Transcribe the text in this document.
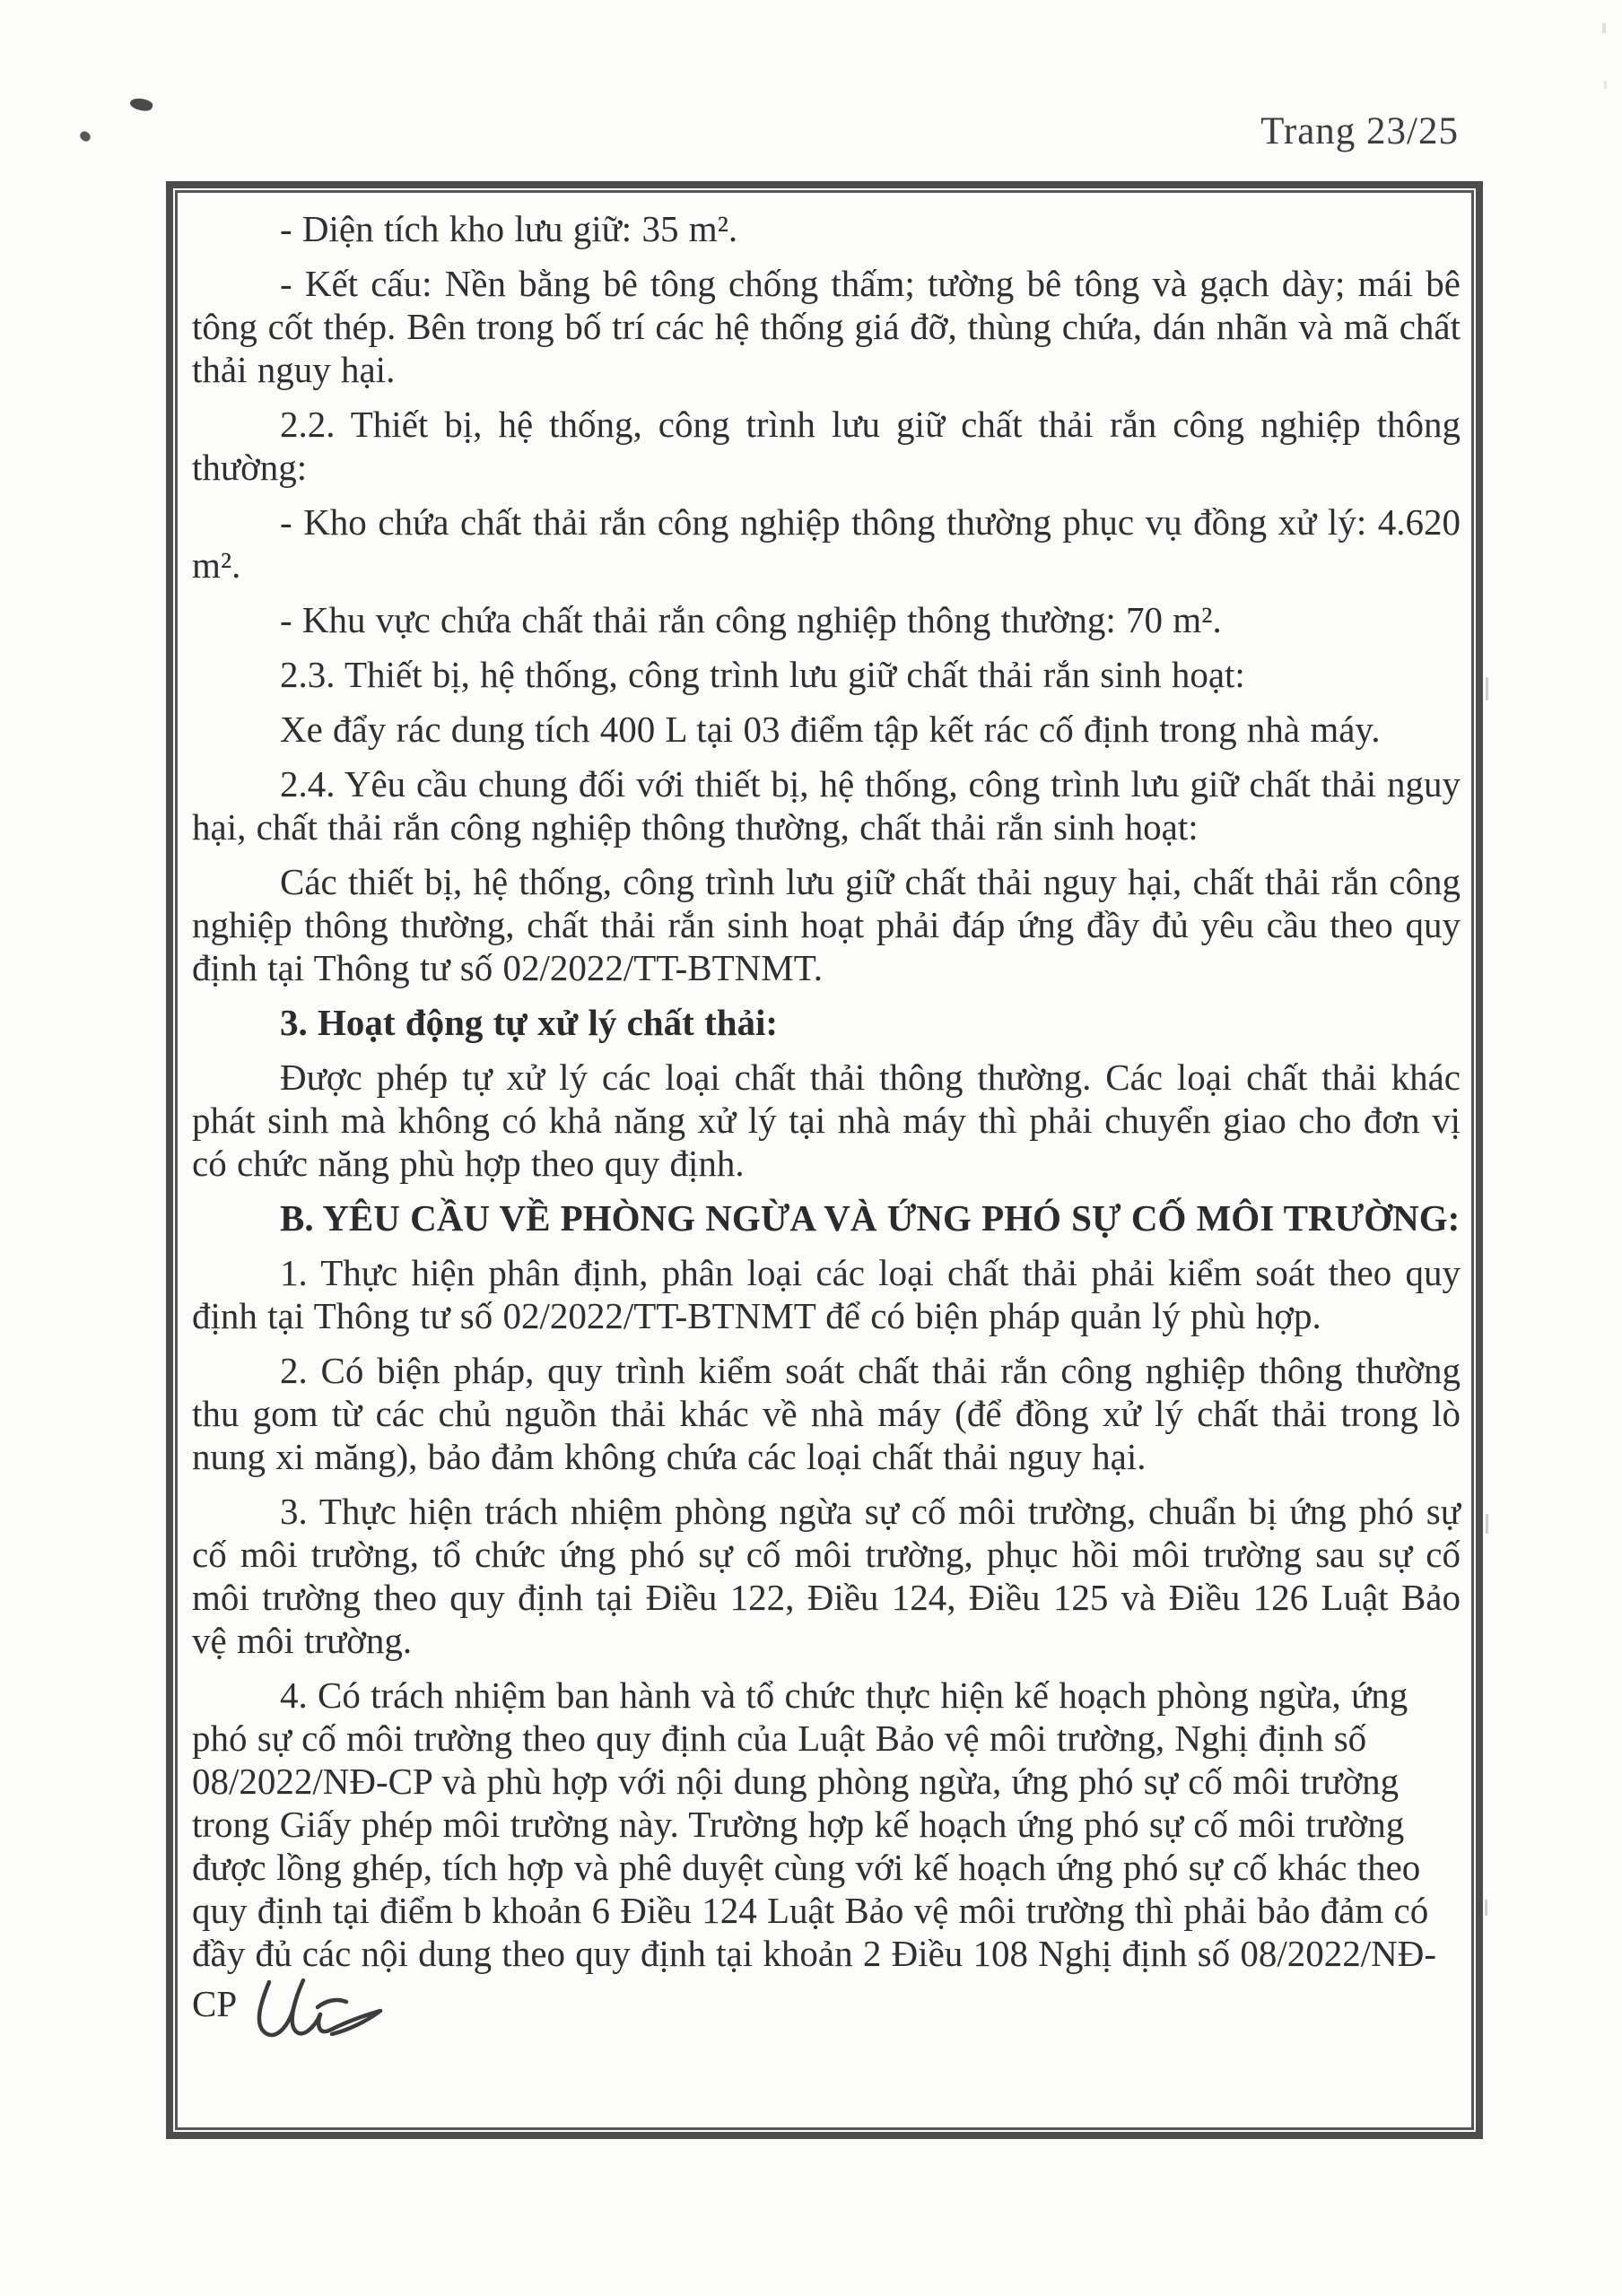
Trang 23/25

- Diện tích kho lưu giữ: 35 m².

- Kết cấu: Nền bằng bê tông chống thấm; tường bê tông và gạch dày; mái bê tông cốt thép. Bên trong bố trí các hệ thống giá đỡ, thùng chứa, dán nhãn và mã chất thải nguy hại.

2.2. Thiết bị, hệ thống, công trình lưu giữ chất thải rắn công nghiệp thông thường:

- Kho chứa chất thải rắn công nghiệp thông thường phục vụ đồng xử lý: 4.620 m².

- Khu vực chứa chất thải rắn công nghiệp thông thường: 70 m².

2.3. Thiết bị, hệ thống, công trình lưu giữ chất thải rắn sinh hoạt:

Xe đẩy rác dung tích 400 L tại 03 điểm tập kết rác cố định trong nhà máy.

2.4. Yêu cầu chung đối với thiết bị, hệ thống, công trình lưu giữ chất thải nguy hại, chất thải rắn công nghiệp thông thường, chất thải rắn sinh hoạt:

Các thiết bị, hệ thống, công trình lưu giữ chất thải nguy hại, chất thải rắn công nghiệp thông thường, chất thải rắn sinh hoạt phải đáp ứng đầy đủ yêu cầu theo quy định tại Thông tư số 02/2022/TT-BTNMT.

3. Hoạt động tự xử lý chất thải:

Được phép tự xử lý các loại chất thải thông thường. Các loại chất thải khác phát sinh mà không có khả năng xử lý tại nhà máy thì phải chuyển giao cho đơn vị có chức năng phù hợp theo quy định.

B. YÊU CẦU VỀ PHÒNG NGỪA VÀ ỨNG PHÓ SỰ CỐ MÔI TRƯỜNG:

1. Thực hiện phân định, phân loại các loại chất thải phải kiểm soát theo quy định tại Thông tư số 02/2022/TT-BTNMT để có biện pháp quản lý phù hợp.

2. Có biện pháp, quy trình kiểm soát chất thải rắn công nghiệp thông thường thu gom từ các chủ nguồn thải khác về nhà máy (để đồng xử lý chất thải trong lò nung xi măng), bảo đảm không chứa các loại chất thải nguy hại.

3. Thực hiện trách nhiệm phòng ngừa sự cố môi trường, chuẩn bị ứng phó sự cố môi trường, tổ chức ứng phó sự cố môi trường, phục hồi môi trường sau sự cố môi trường theo quy định tại Điều 122, Điều 124, Điều 125 và Điều 126 Luật Bảo vệ môi trường.

4. Có trách nhiệm ban hành và tổ chức thực hiện kế hoạch phòng ngừa, ứng phó sự cố môi trường theo quy định của Luật Bảo vệ môi trường, Nghị định số 08/2022/NĐ-CP và phù hợp với nội dung phòng ngừa, ứng phó sự cố môi trường trong Giấy phép môi trường này. Trường hợp kế hoạch ứng phó sự cố môi trường được lồng ghép, tích hợp và phê duyệt cùng với kế hoạch ứng phó sự cố khác theo quy định tại điểm b khoản 6 Điều 124 Luật Bảo vệ môi trường thì phải bảo đảm có đầy đủ các nội dung theo quy định tại khoản 2 Điều 108 Nghị định số 08/2022/NĐ-CP
